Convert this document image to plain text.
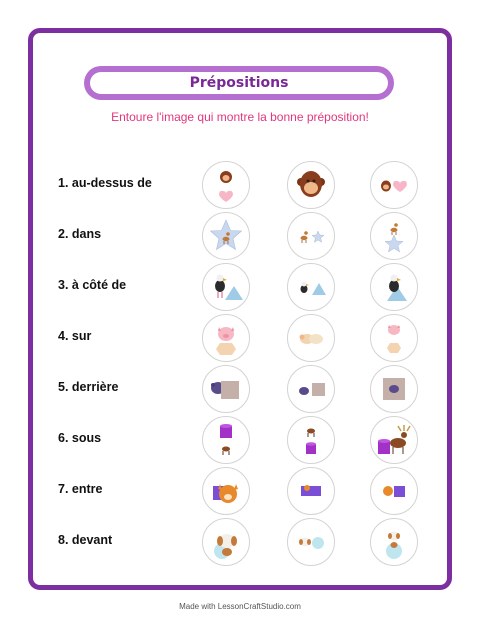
Prépositions
Entoure l'image qui montre la bonne préposition!
1. au-dessus de
2. dans
3. à côté de
4. sur
5. derrière
6. sous
7. entre
8. devant
Made with LessonCraftStudio.com
